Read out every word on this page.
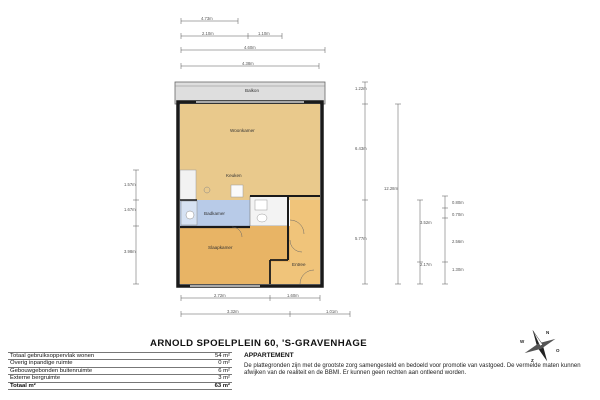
4.73m
2.10m	1.10m
4.60m
4.38m
Balkon
Woonkamer
Keuken
Badkamer
Slaapkamer
Entree
1.57m
1.67m
3.98m
1.22m
6.43m
12.28m
5.77m
0.80m
0.70m
3.52m
2.56m
2.17m
1.30m
2.72m	1.60m
3.32m	1.01m
ARNOLD SPOELPLEIN 60, 'S-GRAVENHAGE
APPARTEMENT
De plattegronden zijn met de grootste zorg samengesteld en bedoeld voor promotie van vastgoed. De vermelde maten kunnen afwijken van de realiteit en de BBMI. Er kunnen geen rechten aan ontleend worden.
Totaal gebruiksoppervlak wonen	54 m²
Overig inpandige ruimte	0 m²
Gebouwgebonden buitenruimte	6 m²
Externe bergruimte	3 m²
Totaal m²	63 m²
N
O
Z
W
